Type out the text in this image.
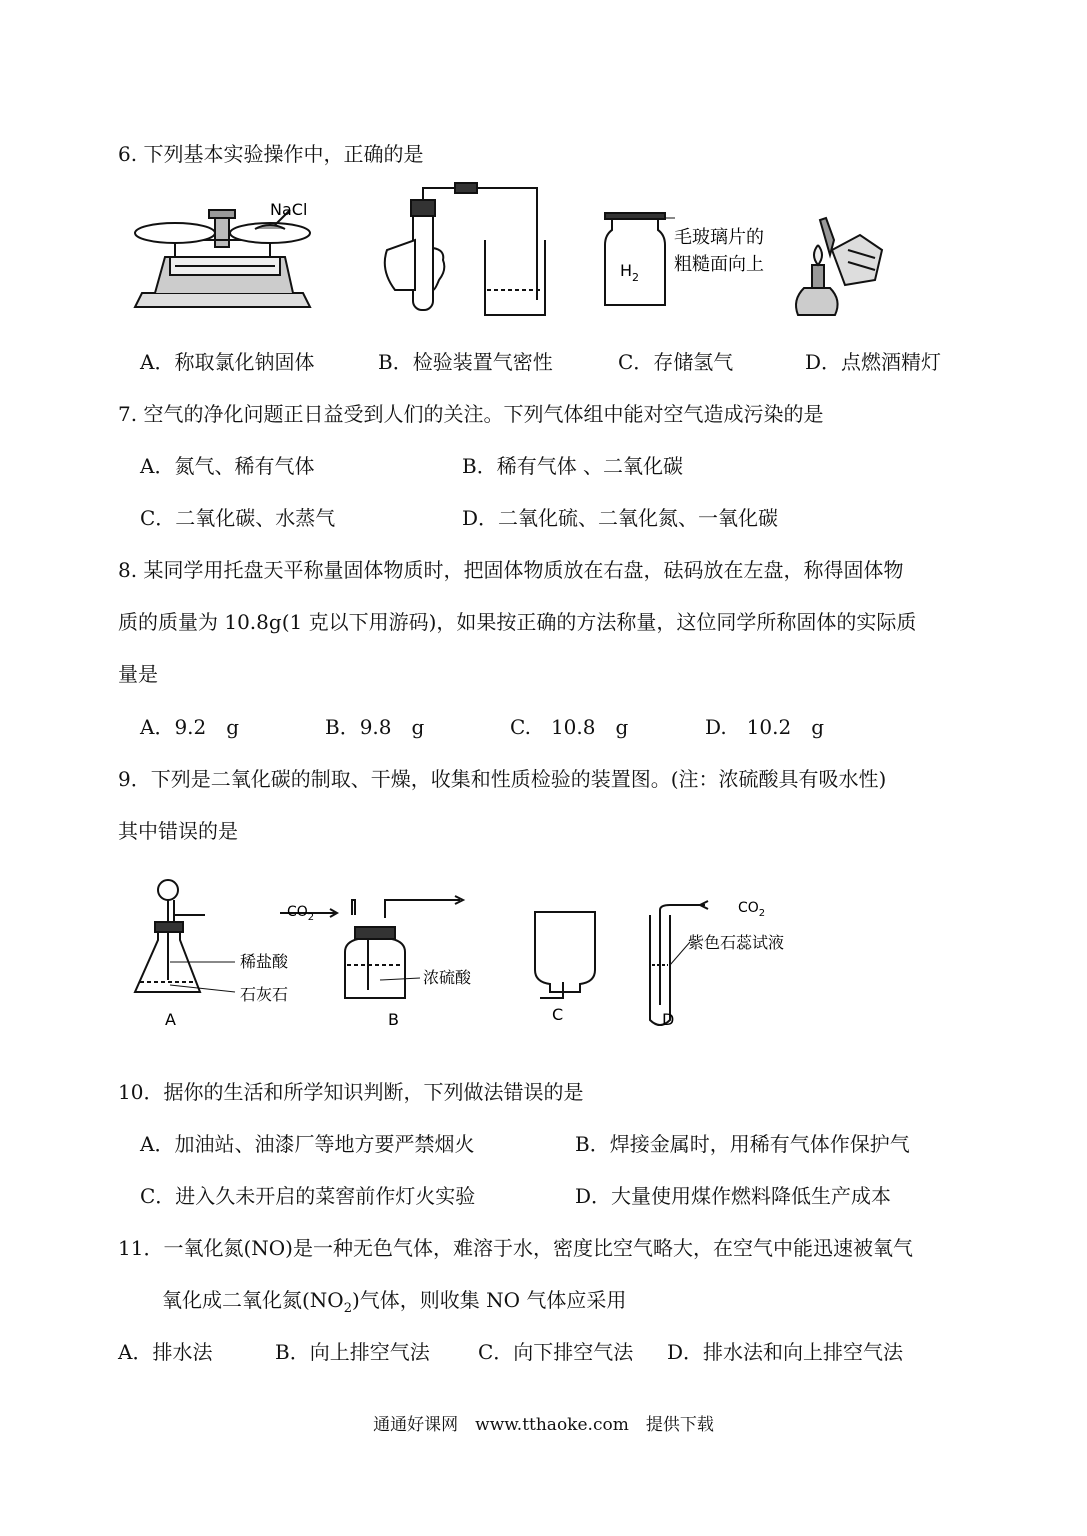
6. 下列基本实验操作中，正确的是
NaCl
$H_2$
毛玻璃片的
粗糙面向上
A．称取氯化钠固体	B．检验装置气密性	C．存储氢气	D．点燃酒精灯
7. 空气的净化问题正日益受到人们的关注。下列气体组中能对空气造成污染的是
A．氮气、稀有气体	B．稀有气体 、二氧化碳
C．二氧化碳、水蒸气	D．二氧化硫、二氧化氮、一氧化碳
8. 某同学用托盘天平称量固体物质时，把固体物质放在右盘，砝码放在左盘，称得固体物
质的质量为 10.8g(1 克以下用游码)，如果按正确的方法称量，这位同学所称固体的实际质
量是
A．9.2　g	B．9.8　g	C.　10.8　g	D.　10.2　g
9．下列是二氧化碳的制取、干燥，收集和性质检验的装置图。(注：浓硫酸具有吸水性)
其中错误的是
稀盐酸
石灰石
$CO_2$
浓硫酸
$CO_2$
紫色石蕊试液
A	B	C	D
10．据你的生活和所学知识判断，下列做法错误的是
A．加油站、油漆厂等地方要严禁烟火	B．焊接金属时，用稀有气体作保护气
C．进入久未开启的菜窖前作灯火实验	D．大量使用煤作燃料降低生产成本
11．一氧化氮(NO)是一种无色气体，难溶于水，密度比空气略大，在空气中能迅速被氧气
氧化成二氧化氮$(NO_2)$气体，则收集 NO 气体应采用
A．排水法	B．向上排空气法 C．向下排空气法 D．排水法和向上排空气法
通通好课网　www.tthaoke.com　提供下载
